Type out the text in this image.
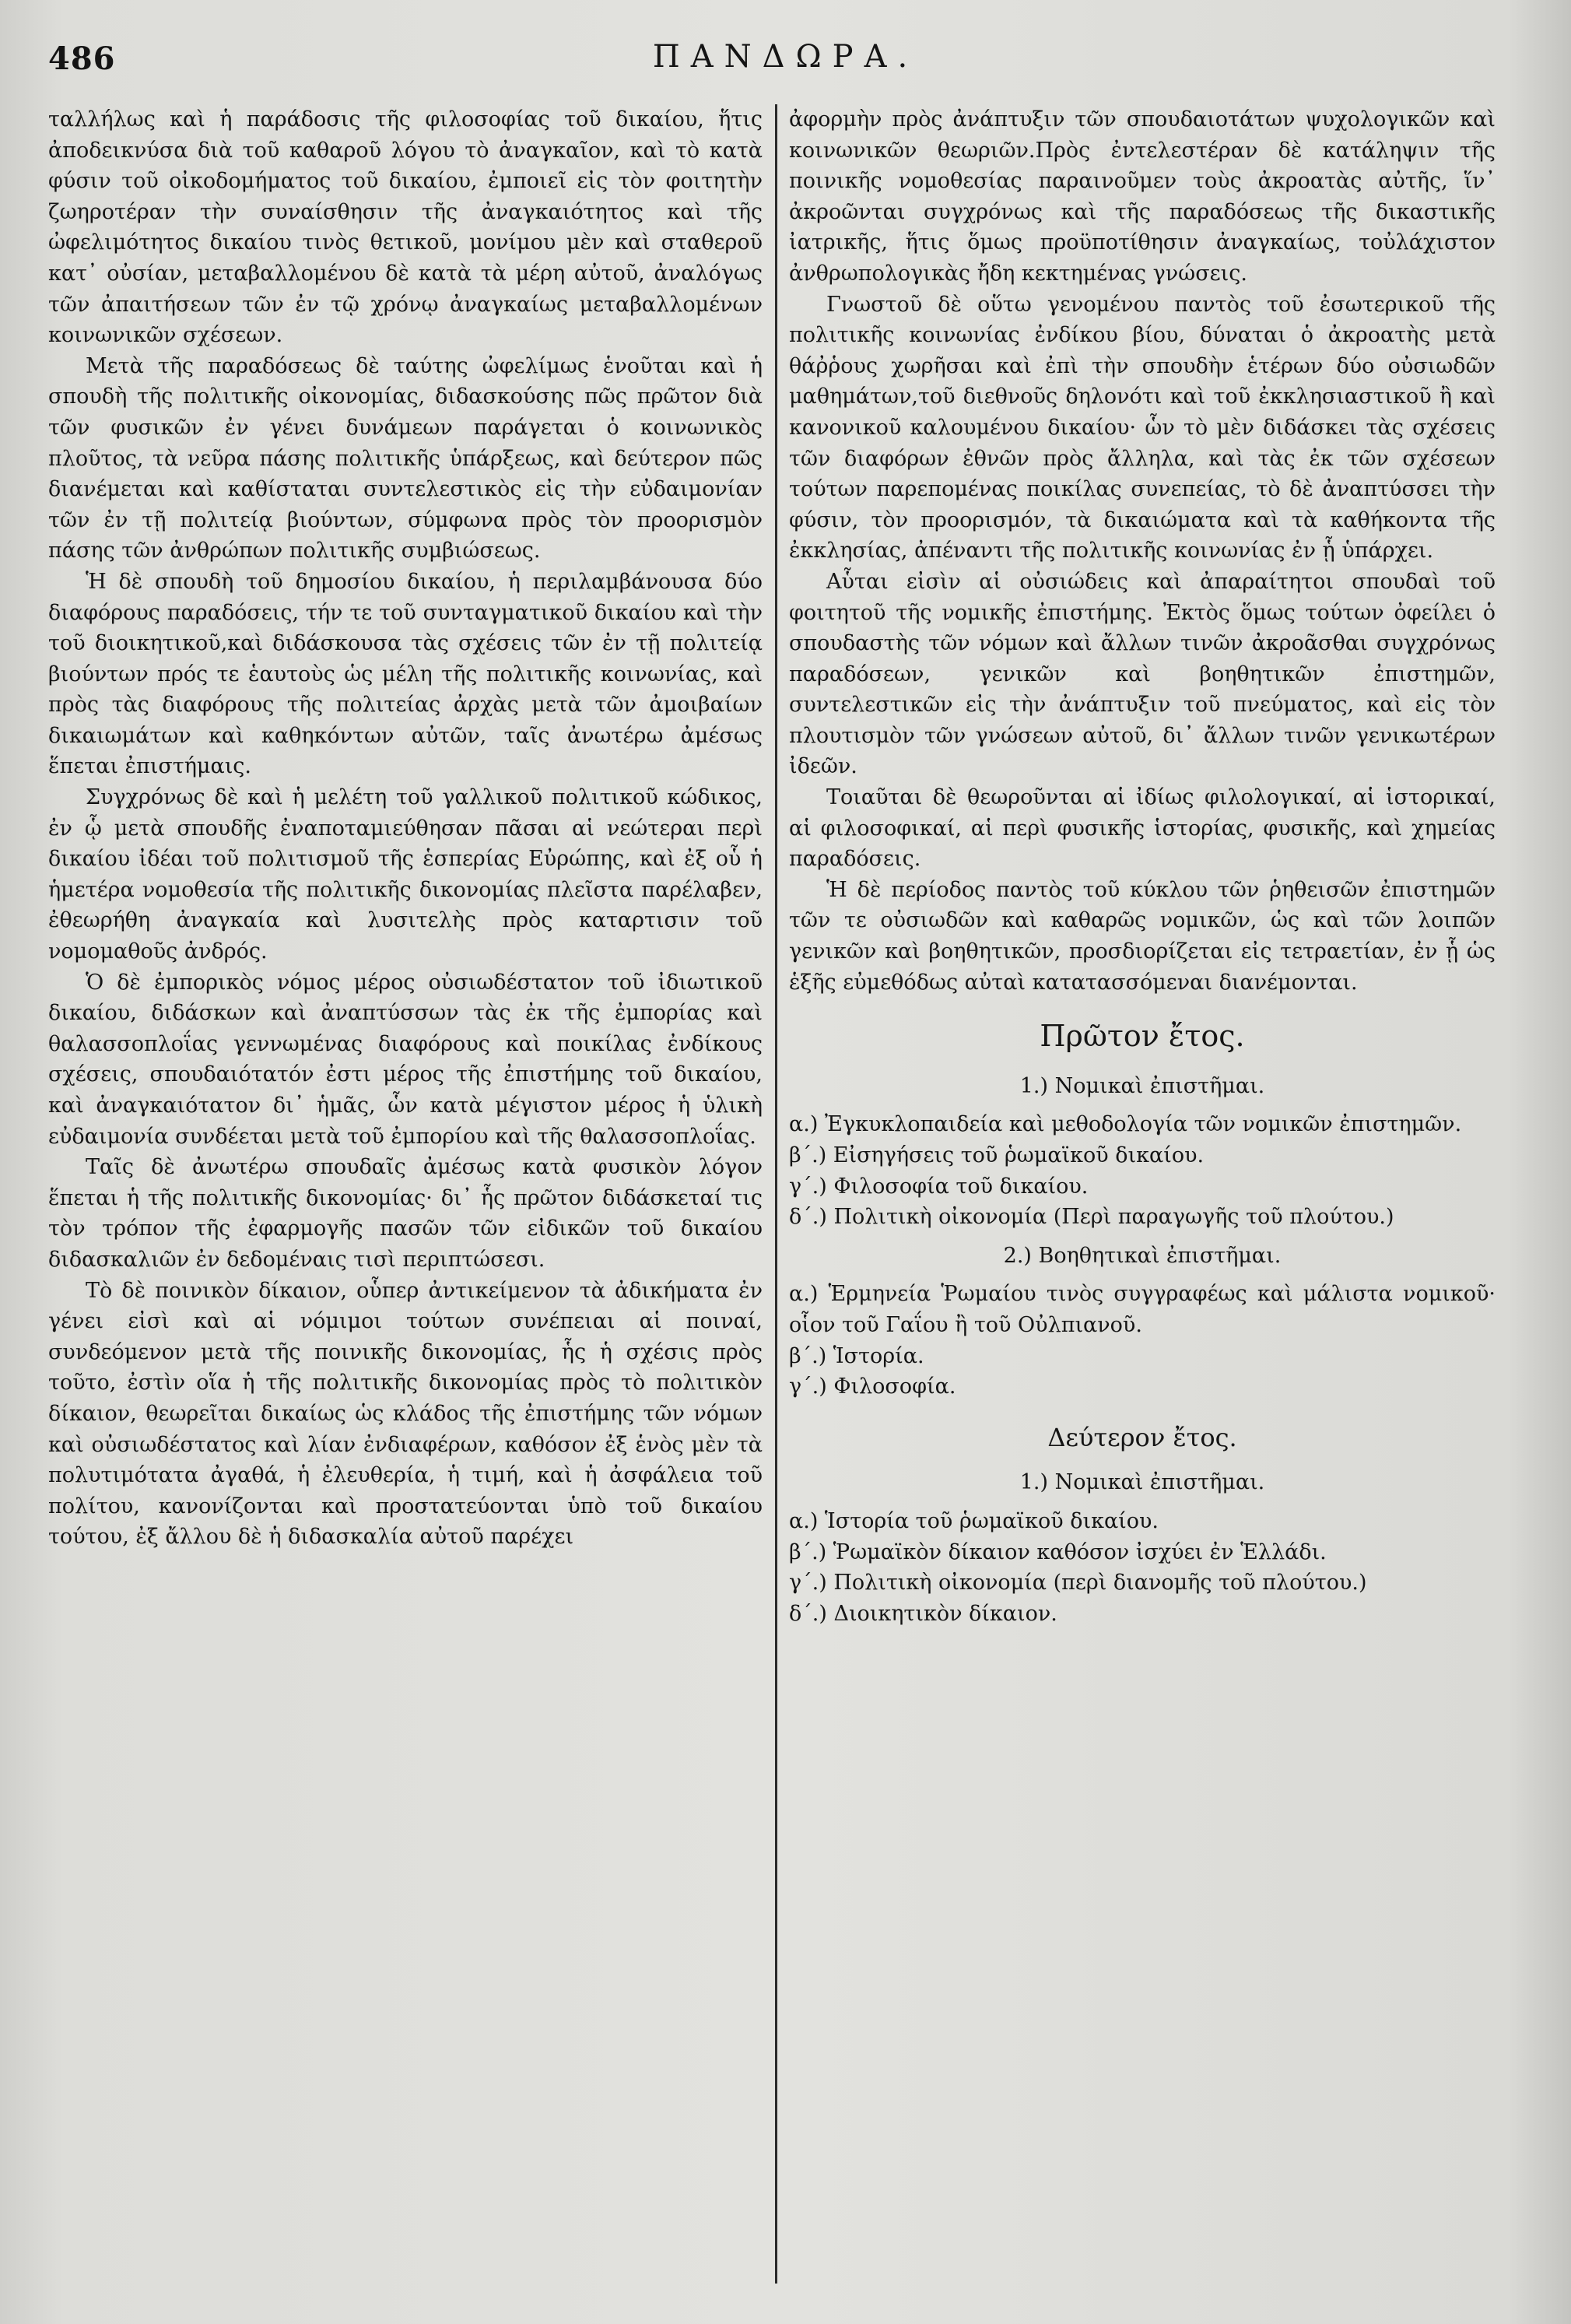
486	ΠΑΝΔΩΡΑ.

ταλλήλως καὶ ἡ παράδοσις τῆς φιλοσοφίας τοῦ δικαίου, ἥτις ἀποδεικνύσα διὰ τοῦ καθαροῦ λόγου τὸ ἀναγκαῖον, καὶ τὸ κατὰ φύσιν τοῦ οἰκοδομήματος τοῦ δικαίου, ἐμποιεῖ εἰς τὸν φοιτητὴν ζωηροτέραν τὴν συναίσθησιν τῆς ἀναγκαιότητος καὶ τῆς ὠφελιμότητος δικαίου τινὸς θετικοῦ, μονίμου μὲν καὶ σταθεροῦ κατ᾽ οὐσίαν, μεταβαλλομένου δὲ κατὰ τὰ μέρη αὐτοῦ, ἀναλόγως τῶν ἀπαιτήσεων τῶν ἐν τῷ χρόνῳ ἀναγκαίως μεταβαλλομένων κοινωνικῶν σχέσεων.

Μετὰ τῆς παραδόσεως δὲ ταύτης ὠφελίμως ἑνοῦται καὶ ἡ σπουδὴ τῆς πολιτικῆς οἰκονομίας, διδασκούσης πῶς πρῶτον διὰ τῶν φυσικῶν ἐν γένει δυνάμεων παράγεται ὁ κοινωνικὸς πλοῦτος, τὰ νεῦρα πάσης πολιτικῆς ὑπάρξεως, καὶ δεύτερον πῶς διανέμεται καὶ καθίσταται συντελεστικὸς εἰς τὴν εὐδαιμονίαν τῶν ἐν τῇ πολιτείᾳ βιούντων, σύμφωνα πρὸς τὸν προορισμὸν πάσης τῶν ἀνθρώπων πολιτικῆς συμβιώσεως.

Ἡ δὲ σπουδὴ τοῦ δημοσίου δικαίου, ἡ περιλαμβάνουσα δύο διαφόρους παραδόσεις, τήν τε τοῦ συνταγματικοῦ δικαίου καὶ τὴν τοῦ διοικητικοῦ,καὶ διδάσκουσα τὰς σχέσεις τῶν ἐν τῇ πολιτείᾳ βιούντων πρός τε ἑαυτοὺς ὡς μέλη τῆς πολιτικῆς κοινωνίας, καὶ πρὸς τὰς διαφόρους τῆς πολιτείας ἀρχὰς μετὰ τῶν ἀμοιβαίων δικαιωμάτων καὶ καθηκόντων αὐτῶν, ταῖς ἀνωτέρω ἀμέσως ἕπεται ἐπιστήμαις.

Συγχρόνως δὲ καὶ ἡ μελέτη τοῦ γαλλικοῦ πολιτικοῦ κώδικος, ἐν ᾧ μετὰ σπουδῆς ἐναποταμιεύθησαν πᾶσαι αἱ νεώτεραι περὶ δικαίου ἰδέαι τοῦ πολιτισμοῦ τῆς ἑσπερίας Εὐρώπης, καὶ ἐξ οὗ ἡ ἡμετέρα νομοθεσία τῆς πολιτικῆς δικονομίας πλεῖστα παρέλαβεν, ἐθεωρήθη ἀναγκαία καὶ λυσιτελὴς πρὸς καταρτισιν τοῦ νομομαθοῦς ἀνδρός.

Ὁ δὲ ἐμπορικὸς νόμος μέρος οὐσιωδέστατον τοῦ ἰδιωτικοῦ δικαίου, διδάσκων καὶ ἀναπτύσσων τὰς ἐκ τῆς ἐμπορίας καὶ θαλασσοπλοΐας γεννωμένας διαφόρους καὶ ποικίλας ἐνδίκους σχέσεις, σπουδαιότατόν ἐστι μέρος τῆς ἐπιστήμης τοῦ δικαίου, καὶ ἀναγκαιότατον δι᾽ ἡμᾶς, ὧν κατὰ μέγιστον μέρος ἡ ὑλικὴ εὐδαιμονία συνδέεται μετὰ τοῦ ἐμπορίου καὶ τῆς θαλασσοπλοΐας.

Ταῖς δὲ ἀνωτέρω σπουδαῖς ἀμέσως κατὰ φυσικὸν λόγον ἕπεται ἡ τῆς πολιτικῆς δικονομίας· δι᾽ ἧς πρῶτον διδάσκεταί τις τὸν τρόπον τῆς ἐφαρμογῆς πασῶν τῶν εἰδικῶν τοῦ δικαίου διδασκαλιῶν ἐν δεδομέναις τισὶ περιπτώσεσι.

Τὸ δὲ ποινικὸν δίκαιον, οὗπερ ἀντικείμενον τὰ ἀδικήματα ἐν γένει εἰσὶ καὶ αἱ νόμιμοι τούτων συνέπειαι αἱ ποιναί, συνδεόμενον μετὰ τῆς ποινικῆς δικονομίας, ἧς ἡ σχέσις πρὸς τοῦτο, ἐστὶν οἵα ἡ τῆς πολιτικῆς δικονομίας πρὸς τὸ πολιτικὸν δίκαιον, θεωρεῖται δικαίως ὡς κλάδος τῆς ἐπιστήμης τῶν νόμων καὶ οὐσιωδέστατος καὶ λίαν ἐνδιαφέρων, καθόσον ἐξ ἑνὸς μὲν τὰ πολυτιμότατα ἀγαθά, ἡ ἐλευθερία, ἡ τιμή, καὶ ἡ ἀσφάλεια τοῦ πολίτου, κανονίζονται καὶ προστατεύονται ὑπὸ τοῦ δικαίου τούτου, ἐξ ἄλλου δὲ ἡ διδασκαλία αὐτοῦ παρέχει

ἀφορμὴν πρὸς ἀνάπτυξιν τῶν σπουδαιοτάτων ψυχολογικῶν καὶ κοινωνικῶν θεωριῶν.Πρὸς ἐντελεστέραν δὲ κατάληψιν τῆς ποινικῆς νομοθεσίας παραινοῦμεν τοὺς ἀκροατὰς αὐτῆς, ἵν᾽ ἀκροῶνται συγχρόνως καὶ τῆς παραδόσεως τῆς δικαστικῆς ἰατρικῆς, ἥτις ὅμως προϋποτίθησιν ἀναγκαίως, τοὐλάχιστον ἀνθρωπολογικὰς ἤδη κεκτημένας γνώσεις.

Γνωστοῦ δὲ οὕτω γενομένου παντὸς τοῦ ἐσωτερικοῦ τῆς πολιτικῆς κοινωνίας ἐνδίκου βίου, δύναται ὁ ἀκροατὴς μετὰ θάῤῥους χωρῆσαι καὶ ἐπὶ τὴν σπουδὴν ἑτέρων δύο οὐσιωδῶν μαθημάτων,τοῦ διεθνοῦς δηλονότι καὶ τοῦ ἐκκλησιαστικοῦ ἢ καὶ κανονικοῦ καλουμένου δικαίου· ὧν τὸ μὲν διδάσκει τὰς σχέσεις τῶν διαφόρων ἐθνῶν πρὸς ἄλληλα, καὶ τὰς ἐκ τῶν σχέσεων τούτων παρεπομένας ποικίλας συνεπείας, τὸ δὲ ἀναπτύσσει τὴν φύσιν, τὸν προορισμόν, τὰ δικαιώματα καὶ τὰ καθήκοντα τῆς ἐκκλησίας, ἀπέναντι τῆς πολιτικῆς κοινωνίας ἐν ᾗ ὑπάρχει.

Αὗται εἰσὶν αἱ οὐσιώδεις καὶ ἀπαραίτητοι σπουδαὶ τοῦ φοιτητοῦ τῆς νομικῆς ἐπιστήμης. Ἐκτὸς ὅμως τούτων ὀφείλει ὁ σπουδαστὴς τῶν νόμων καὶ ἄλλων τινῶν ἀκροᾶσθαι συγχρόνως παραδόσεων, γενικῶν καὶ βοηθητικῶν ἐπιστημῶν, συντελεστικῶν εἰς τὴν ἀνάπτυξιν τοῦ πνεύματος, καὶ εἰς τὸν πλουτισμὸν τῶν γνώσεων αὐτοῦ, δι᾽ ἄλλων τινῶν γενικωτέρων ἰδεῶν.

Τοιαῦται δὲ θεωροῦνται αἱ ἰδίως φιλολογικαί, αἱ ἱστορικαί, αἱ φιλοσοφικαί, αἱ περὶ φυσικῆς ἱστορίας, φυσικῆς, καὶ χημείας παραδόσεις.

Ἡ δὲ περίοδος παντὸς τοῦ κύκλου τῶν ῥηθεισῶν ἐπιστημῶν τῶν τε οὐσιωδῶν καὶ καθαρῶς νομικῶν, ὡς καὶ τῶν λοιπῶν γενικῶν καὶ βοηθητικῶν, προσδιορίζεται εἰς τετραετίαν, ἐν ᾗ ὡς ἑξῆς εὐμεθόδως αὐταὶ κατατασσόμεναι διανέμονται.

Πρῶτον ἔτος.
1.) Νομικαὶ ἐπιστῆμαι.

α.) Ἐγκυκλοπαιδεία καὶ μεθοδολογία τῶν νομικῶν ἐπιστημῶν.

β΄.) Εἰσηγήσεις τοῦ ῥωμαϊκοῦ δικαίου.

γ΄.) Φιλοσοφία τοῦ δικαίου.

δ΄.) Πολιτικὴ οἰκονομία (Περὶ παραγωγῆς τοῦ πλούτου.)

2.) Βοηθητικαὶ ἐπιστῆμαι.

α.) Ἑρμηνεία Ῥωμαίου τινὸς συγγραφέως καὶ μάλιστα νομικοῦ· οἷον τοῦ Γαΐου ἢ τοῦ Οὐλπιανοῦ.

β΄.) Ἱστορία.

γ΄.) Φιλοσοφία.

Δεύτερον ἔτος.
1.) Νομικαὶ ἐπιστῆμαι.

α.) Ἱστορία τοῦ ῥωμαϊκοῦ δικαίου.

β΄.) Ῥωμαϊκὸν δίκαιον καθόσον ἰσχύει ἐν Ἑλλάδι.

γ΄.) Πολιτικὴ οἰκονομία (περὶ διανομῆς τοῦ πλούτου.)

δ΄.) Διοικητικὸν δίκαιον.
